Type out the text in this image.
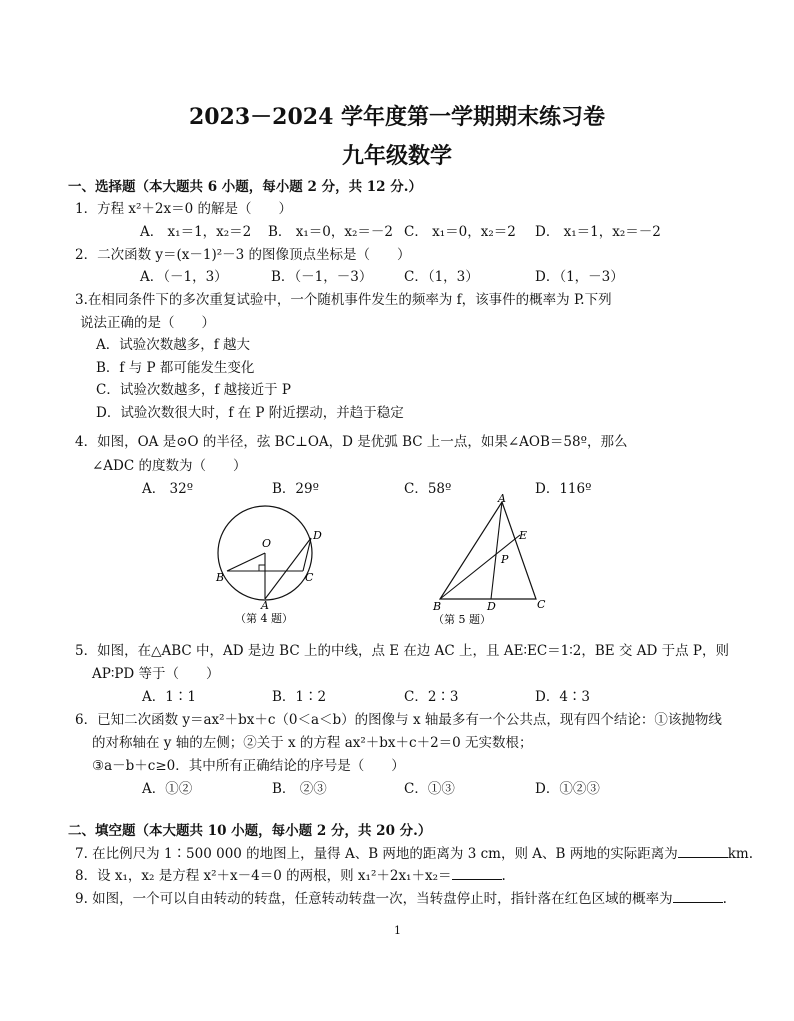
2023－2024 学年度第一学期期末练习卷
九年级数学
一、选择题（本大题共 6 小题，每小题 2 分，共 12 分.）
1．方程 x²＋2x＝0 的解是（　　）
A． x₁＝1，x₂＝2 B． x₁＝0，x₂＝－2 C． x₁＝0，x₂＝2 D． x₁＝1，x₂＝－2
2．二次函数 y＝(x－1)²－3 的图像顶点坐标是（　　）
A．（－1，3）	B．（－1，－3） C．（1，3）	D．（1，－3）
3.在相同条件下的多次重复试验中，一个随机事件发生的频率为 f，该事件的概率为 P.下列
说法正确的是（　　）
A．试验次数越多，f 越大
B．f 与 P 都可能发生变化
C．试验次数越多，f 越接近于 P
D．试验次数很大时，f 在 P 附近摆动，并趋于稳定
4．如图，OA 是⊙O 的半径，弦 BC⊥OA，D 是优弧 BC 上一点，如果∠AOB＝58º，那么
∠ADC 的度数为（　　）
A． 32º	B．29º	C．58º	D．116º
O
D
B	C
A
（第 4 题）
A
E
P
B	D	C
（第 5 题）
5．如图，在△ABC 中，AD 是边 BC 上的中线，点 E 在边 AC 上，且 AE∶EC＝1∶2，BE 交 AD 于点 P，则
AP∶PD 等于（　　）
A．1∶1	B．1∶2	C．2∶3	D．4∶3
6．已知二次函数 y＝ax²＋bx＋c（0＜a＜b）的图像与 x 轴最多有一个公共点，现有四个结论：①该抛物线
的对称轴在 y 轴的左侧；②关于 x 的方程 ax²＋bx＋c＋2＝0 无实数根；
③a－b＋c≥0．其中所有正确结论的序号是（　　）
A．①②	B． ②③	C．①③	D．①②③
二、填空题（本大题共 10 小题，每小题 2 分，共 20 分.）
7. 在比例尺为 1∶500 000 的地图上，量得 A、B 两地的距离为 3 cm，则 A、B 两地的实际距离为	km.
8．设 x₁，x₂ 是方程 x²＋x－4＝0 的两根，则 x₁²＋2x₁＋x₂＝	.
9. 如图，一个可以自由转动的转盘，任意转动转盘一次，当转盘停止时，指针落在红色区域的概率为	.
1
